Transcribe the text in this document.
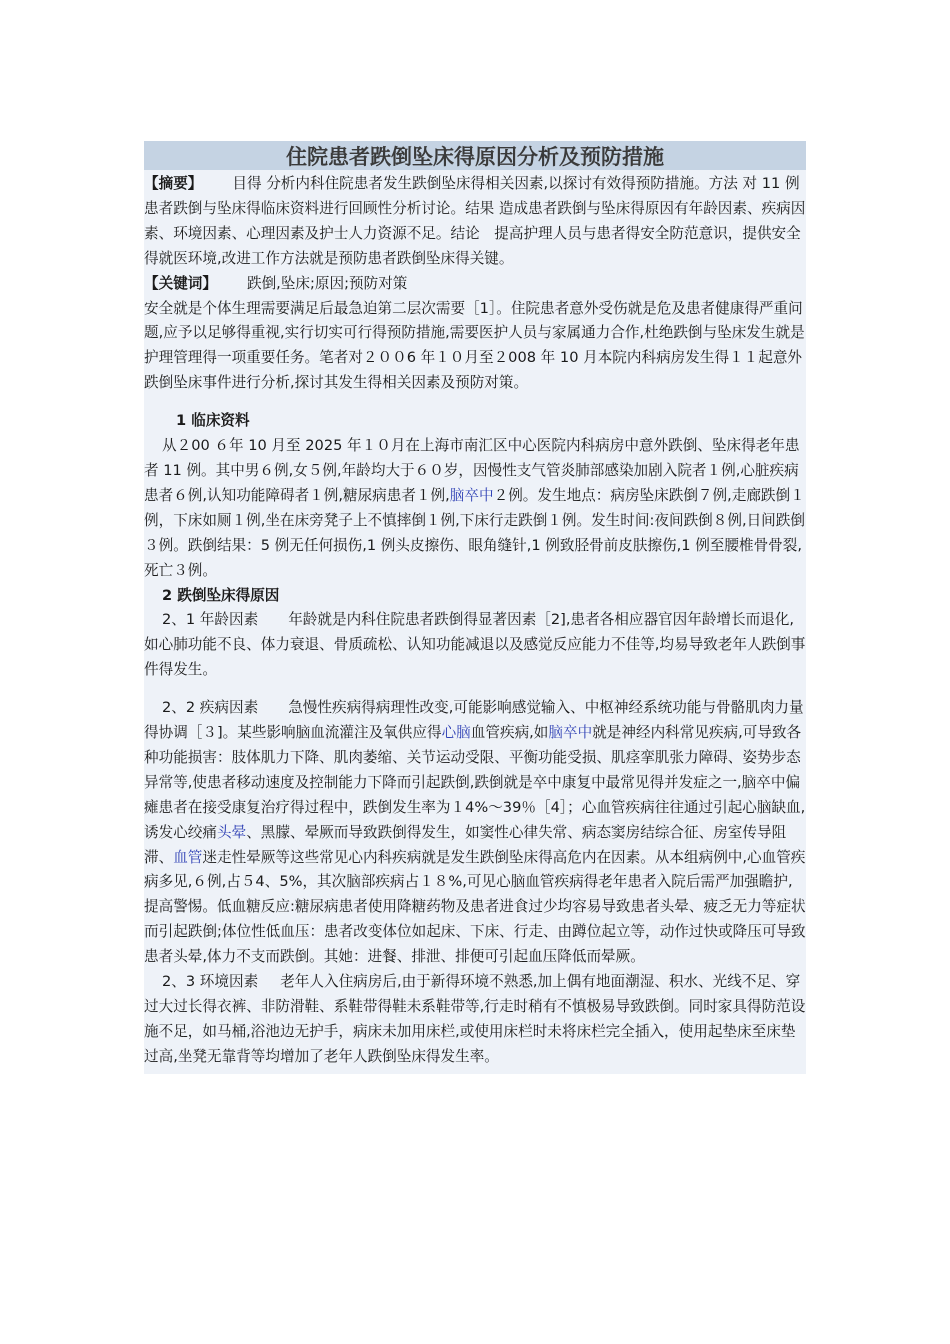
住院患者跌倒坠床得原因分析及预防措施

【摘要】 目得 分析内科住院患者发生跌倒坠床得相关因素,以探讨有效得预防措施。方法 对 11 例患者跌倒与坠床得临床资料进行回顾性分析讨论。结果 造成患者跌倒与坠床得原因有年龄因素、疾病因素、环境因素、心理因素及护士人力资源不足。结论　提高护理人员与患者得安全防范意识，提供安全得就医环境,改进工作方法就是预防患者跌倒坠床得关键。

【关键词】 跌倒,坠床;原因;预防对策

安全就是个体生理需要满足后最急迫第二层次需要［1］。住院患者意外受伤就是危及患者健康得严重问题,应予以足够得重视,实行切实可行得预防措施,需要医护人员与家属通力合作,杜绝跌倒与坠床发生就是护理管理得一项重要任务。笔者对２００6 年１０月至２008 年 10 月本院内科病房发生得１１起意外跌倒坠床事件进行分析,探讨其发生得相关因素及预防对策。

1 临床资料

从２00 ６年 10 月至 2025 年１０月在上海市南汇区中心医院内科病房中意外跌倒、坠床得老年患者 11 例。其中男６例,女５例,年龄均大于６０岁，因慢性支气管炎肺部感染加剧入院者１例,心脏疾病患者６例,认知功能障碍者１例,糖尿病患者１例,脑卒中２例。发生地点：病房坠床跌倒７例,走廊跌倒１例，下床如厕１例,坐在床旁凳子上不慎摔倒１例,下床行走跌倒１例。发生时间:夜间跌倒８例,日间跌倒３例。跌倒结果：5 例无任何损伤,1 例头皮擦伤、眼角缝针,1 例致胫骨前皮肤擦伤,1 例至腰椎骨骨裂,死亡３例。

2 跌倒坠床得原因

2、1 年龄因素 年龄就是内科住院患者跌倒得显著因素［2],患者各相应器官因年龄增长而退化,如心肺功能不良、体力衰退、骨质疏松、认知功能减退以及感觉反应能力不佳等,均易导致老年人跌倒事件得发生。

2、2 疾病因素 急慢性疾病得病理性改变,可能影响感觉输入、中枢神经系统功能与骨骼肌肉力量得协调［３]。某些影响脑血流灌注及氧供应得心脑血管疾病,如脑卒中就是神经内科常见疾病,可导致各种功能损害：肢体肌力下降、肌肉萎缩、关节运动受限、平衡功能受损、肌痉挛肌张力障碍、姿势步态异常等,使患者移动速度及控制能力下降而引起跌倒,跌倒就是卒中康复中最常见得并发症之一,脑卒中偏瘫患者在接受康复治疗得过程中，跌倒发生率为１4%～39％［4］；心血管疾病往往通过引起心脑缺血,诱发心绞痛头晕、黑朦、晕厥而导致跌倒得发生，如窦性心律失常、病态窦房结综合征、房室传导阻滞、血管迷走性晕厥等这些常见心内科疾病就是发生跌倒坠床得高危内在因素。从本组病例中,心血管疾病多见,６例,占５4、5%，其次脑部疾病占１８%,可见心脑血管疾病得老年患者入院后需严加强瞻护,提高警惕。低血糖反应:糖尿病患者使用降糖药物及患者进食过少均容易导致患者头晕、疲乏无力等症状而引起跌倒;体位性低血压：患者改变体位如起床、下床、行走、由蹲位起立等，动作过快或降压可导致患者头晕,体力不支而跌倒。其她：进餐、排泄、排便可引起血压降低而晕厥。

2、3 环境因素 老年人入住病房后,由于新得环境不熟悉,加上偶有地面潮湿、积水、光线不足、穿过大过长得衣裤、非防滑鞋、系鞋带得鞋未系鞋带等,行走时稍有不慎极易导致跌倒。同时家具得防范设施不足，如马桶,浴池边无护手，病床未加用床栏,或使用床栏时未将床栏完全插入，使用起垫床至床垫过高,坐凳无靠背等均增加了老年人跌倒坠床得发生率。
